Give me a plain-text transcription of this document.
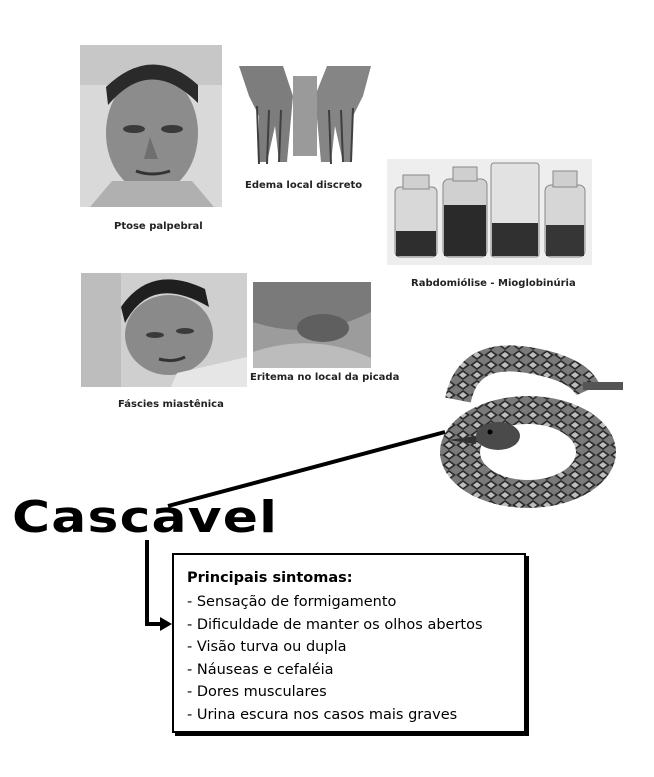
Ptose palpebral
Edema local discreto
Rabdomiólise - Mioglobinúria
Fáscies miastênica
Eritema no local da picada
Cascavel
Principais sintomas:
- Sensação de formigamento
- Dificuldade de manter os olhos abertos
- Visão turva ou dupla
- Náuseas e cefaléia
- Dores musculares
- Urina escura nos casos mais graves
